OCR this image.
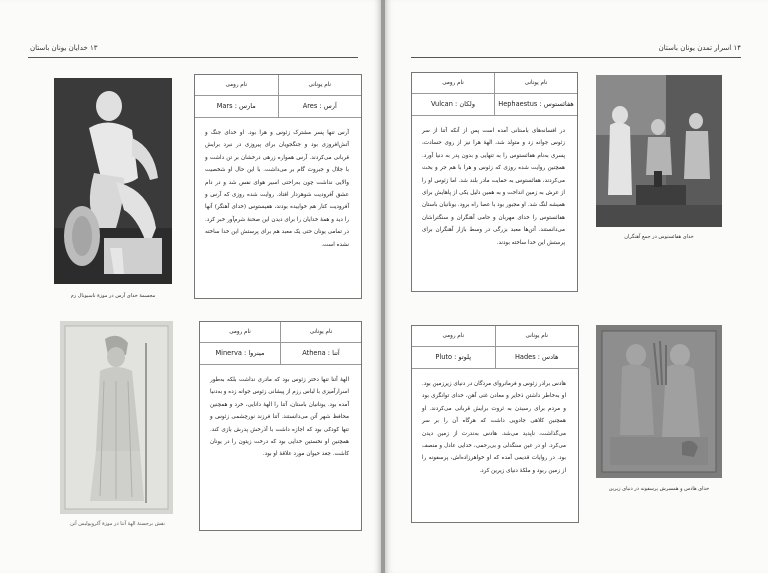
۱۳ خدایان یونان باستان
مجسمهٔ خدای آرس در موزهٔ ناسیونال رم
نام رومی	نام یونانی
مارس : Mars	آرس : Ares
آرس تنها پسر مشترک زئوس و هرا بود. او خدای جنگ و آتش‌افروزی بود و جنگجویان برای پیروزی در نبرد برایش قربانی می‌کردند. آرس همواره زرهی درخشان بر تن داشت و با جلال و جبروت گام بر می‌داشت. با این حال او شخصیت والایی نداشت چون به‌راحتی اسیر هوای نفس شد و در دام عشق آفرودیت شوهردار افتاد. روایت شده روزی که آرس و آفرودیت کنار هم خوابیده بودند، هفیستوس (خدای آهنگر) آنها را دید و همهٔ خدایان را برای دیدن این صحنهٔ شرم‌آور خبر کرد. در تمامی یونان حتی یک معبد هم برای پرستش این خدا ساخته نشده است.
نقش برجستهٔ الههٔ آتنا در موزهٔ آکروپولیس آتن
نام رومی	نام یونانی
مینروا : Minerva	آتنا : Athena
الههٔ آتنا تنها دختر زئوس بود که مادری نداشت بلکه به‌طور اسرارآمیزی با لباس رزم از پیشانی زئوس جوانه زده و به‌دنیا آمده بود. یونانیان باستان، آتنا را الههٔ دانایی، خرد و همچنین محافظ شهر آتن می‌دانستند. آتنا فرزند نورچشمی زئوس و تنها کودکی بود که اجازه داشت با آذرخش پدرش بازی کند. همچنین او نخستین خدایی بود که درخت زیتون را در یونان کاشت. جغد حیوان مورد علاقهٔ او بود.
۱۴ اسرار تمدن یونان باستان
نام رومی	نام یونانی
ولکان : Vulcan	هفائستوس : Hephaestus
در افسانه‌های باستانی آمده است پس از آنکه آتنا از سر زئوس جوانه زد و متولد شد، الههٔ هرا نیز از روی حسادت، پسری به‌نام هفائستوس را به تنهایی و بدون پدر به دنیا آورد. همچنین روایت شده روزی که زئوس و هرا با هم جر و بحث می‌کردند، هفائستوس به حمایت مادر بلند شد. اما زئوس او را از عرش به زمین انداخت و به همین دلیل یکی از پاهایش برای همیشه لنگ شد. او مجبور بود با عصا راه برود. یونانیان باستان هفائستوس را خدای مهربان و حامی آهنگران و سنگتراشان می‌دانستند. آتن‌ها معبد بزرگی در وسط بازار آهنگران برای پرستش این خدا ساخته بودند.
خدای هفائستوس در جمع آهنگران
نام رومی	نام یونانی
پلوتو : Pluto	هادس : Hades
هادس برادر زئوس و فرمانروای مردگان در دنیای زیرزمین بود. او به‌خاطر داشتن ذخایر و معادن غنی آهن، خدای توانگری بود و مردم برای رسیدن به ثروت برایش قربانی می‌کردند. او همچنین کلاهی جادویی داشت که هرگاه آن را بر سر می‌گذاشت، ناپدید می‌شد. هادس به‌ندرت از زمین دیدن می‌کرد. او در عین سنگدلی و بی‌رحمی، خدایی عادل و منصف بود. در روایات قدیمی آمده که او خواهرزاده‌اش، پرسفونه را از زمین ربود و ملکهٔ دنیای زیرین کرد.
خدای هادس و همسرش پرسفونه در دنیای زیرین
